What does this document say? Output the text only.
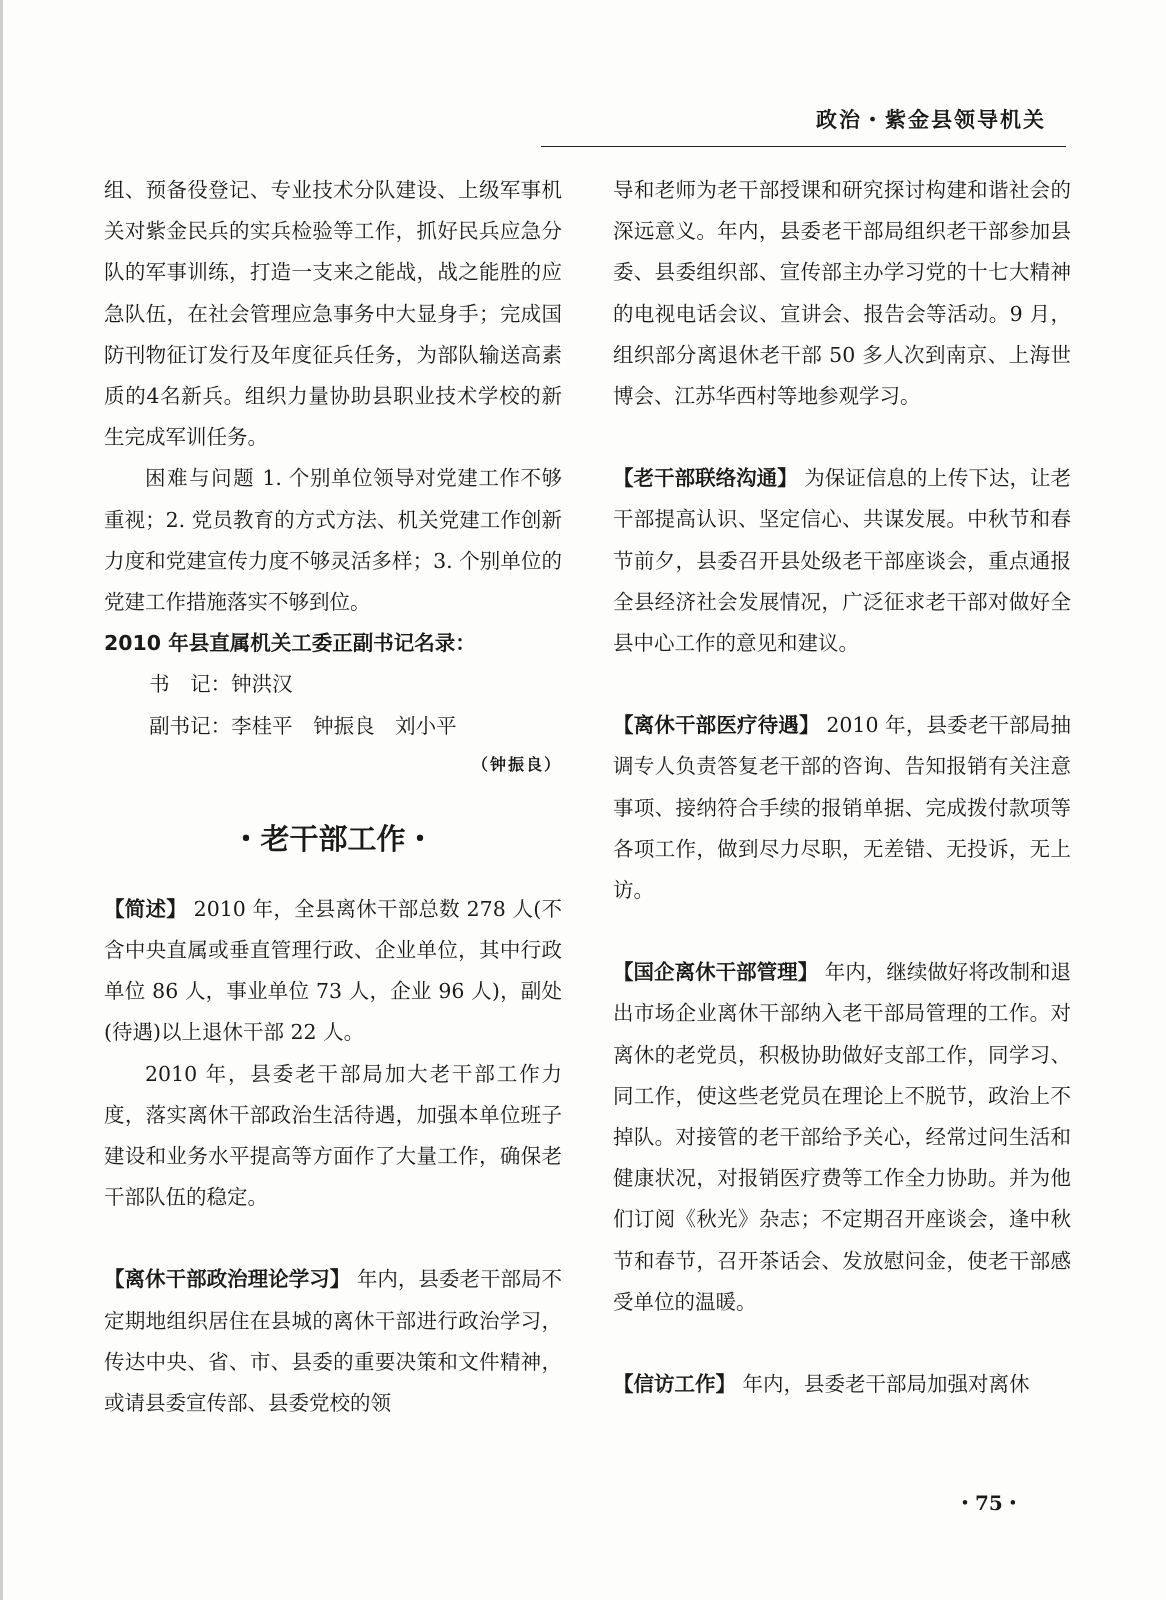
政治・紫金县领导机关

组、预备役登记、专业技术分队建设、上级军事机关对紫金民兵的实兵检验等工作，抓好民兵应急分队的军事训练，打造一支来之能战，战之能胜的应急队伍，在社会管理应急事务中大显身手；完成国防刊物征订发行及年度征兵任务，为部队输送高素质的4名新兵。组织力量协助县职业技术学校的新生完成军训任务。

困难与问题 1. 个别单位领导对党建工作不够重视；2. 党员教育的方式方法、机关党建工作创新力度和党建宣传力度不够灵活多样；3. 个别单位的党建工作措施落实不够到位。

2010 年县直属机关工委正副书记名录：

书　记：钟洪汉

副书记：李桂平　钟振良　刘小平

（钟振良）

・老干部工作・

【简述】 2010 年，全县离休干部总数 278 人(不含中央直属或垂直管理行政、企业单位，其中行政单位 86 人，事业单位 73 人，企业 96 人)，副处(待遇)以上退休干部 22 人。

2010 年，县委老干部局加大老干部工作力度，落实离休干部政治生活待遇，加强本单位班子建设和业务水平提高等方面作了大量工作，确保老干部队伍的稳定。

【离休干部政治理论学习】 年内，县委老干部局不定期地组织居住在县城的离休干部进行政治学习，传达中央、省、市、县委的重要决策和文件精神，或请县委宣传部、县委党校的领

导和老师为老干部授课和研究探讨构建和谐社会的深远意义。年内，县委老干部局组织老干部参加县委、县委组织部、宣传部主办学习党的十七大精神的电视电话会议、宣讲会、报告会等活动。9 月，组织部分离退休老干部 50 多人次到南京、上海世博会、江苏华西村等地参观学习。

【老干部联络沟通】 为保证信息的上传下达，让老干部提高认识、坚定信心、共谋发展。中秋节和春节前夕，县委召开县处级老干部座谈会，重点通报全县经济社会发展情况，广泛征求老干部对做好全县中心工作的意见和建议。

【离休干部医疗待遇】 2010 年，县委老干部局抽调专人负责答复老干部的咨询、告知报销有关注意事项、接纳符合手续的报销单据、完成拨付款项等各项工作，做到尽力尽职，无差错、无投诉，无上访。

【国企离休干部管理】 年内，继续做好将改制和退出市场企业离休干部纳入老干部局管理的工作。对离休的老党员，积极协助做好支部工作，同学习、同工作，使这些老党员在理论上不脱节，政治上不掉队。对接管的老干部给予关心，经常过问生活和健康状况，对报销医疗费等工作全力协助。并为他们订阅《秋光》杂志；不定期召开座谈会，逢中秋节和春节，召开茶话会、发放慰问金，使老干部感受单位的温暖。

【信访工作】 年内，县委老干部局加强对离休

・75・
